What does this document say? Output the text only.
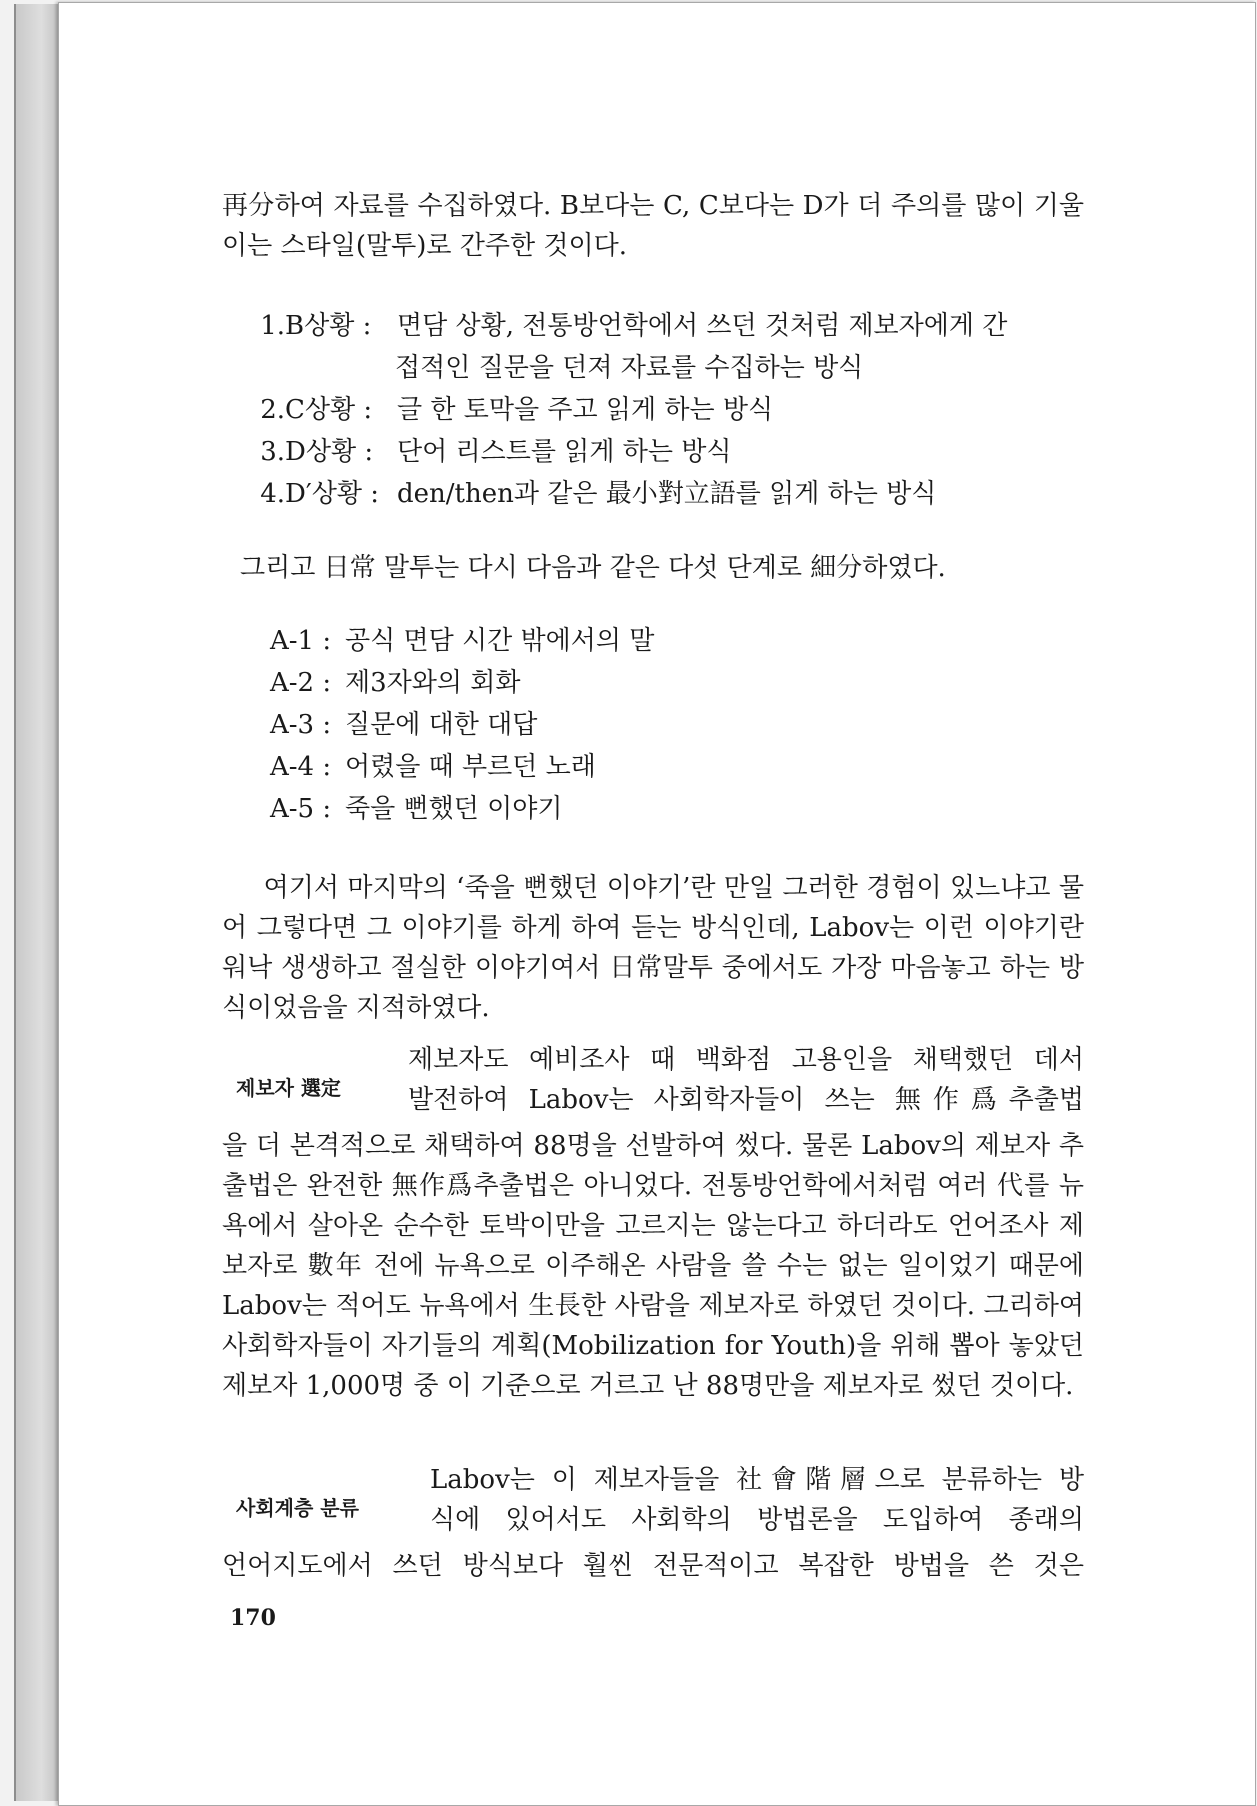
再分하여 자료를 수집하였다. B보다는 C, C보다는 D가 더 주의를 많이 기울이는 스타일(말투)로 간주한 것이다.
1. B상황 : 면담 상황, 전통방언학에서 쓰던 것처럼 제보자에게 간
접적인 질문을 던져 자료를 수집하는 방식
2. C상황 : 글 한 토막을 주고 읽게 하는 방식
3. D상황 : 단어 리스트를 읽게 하는 방식
4. D′상황 : den/then과 같은 最小對立語를 읽게 하는 방식
그리고 日常 말투는 다시 다음과 같은 다섯 단계로 細分하였다.
A-1 : 공식 면담 시간 밖에서의 말
A-2 : 제3자와의 회화
A-3 : 질문에 대한 대답
A-4 : 어렸을 때 부르던 노래
A-5 : 죽을 뻔했던 이야기
여기서 마지막의 ‘죽을 뻔했던 이야기’란 만일 그러한 경험이 있느냐고 물어 그렇다면 그 이야기를 하게 하여 듣는 방식인데, Labov는 이런 이야기란 워낙 생생하고 절실한 이야기여서 日常말투 중에서도 가장 마음놓고 하는 방식이었음을 지적하였다.
제보자 選定
제보자도 예비조사 때 백화점 고용인을 채택했던 데서
발전하여 Labov는 사회학자들이 쓰는 無作爲추출법
을 더 본격적으로 채택하여 88명을 선발하여 썼다. 물론 Labov의 제보자 추출법은 완전한 無作爲추출법은 아니었다. 전통방언학에서처럼 여러 代를 뉴욕에서 살아온 순수한 토박이만을 고르지는 않는다고 하더라도 언어조사 제보자로 數年 전에 뉴욕으로 이주해온 사람을 쓸 수는 없는 일이었기 때문에 Labov는 적어도 뉴욕에서 生長한 사람을 제보자로 하였던 것이다. 그리하여 사회학자들이 자기들의 계획(Mobilization for Youth)을 위해 뽑아 놓았던 제보자 1,000명 중 이 기준으로 거르고 난 88명만을 제보자로 썼던 것이다.
사회계층 분류
Labov는 이 제보자들을 社會階層으로 분류하는 방
식에 있어서도 사회학의 방법론을 도입하여 종래의
언어지도에서 쓰던 방식보다 훨씬 전문적이고 복잡한 방법을 쓴 것은
170
